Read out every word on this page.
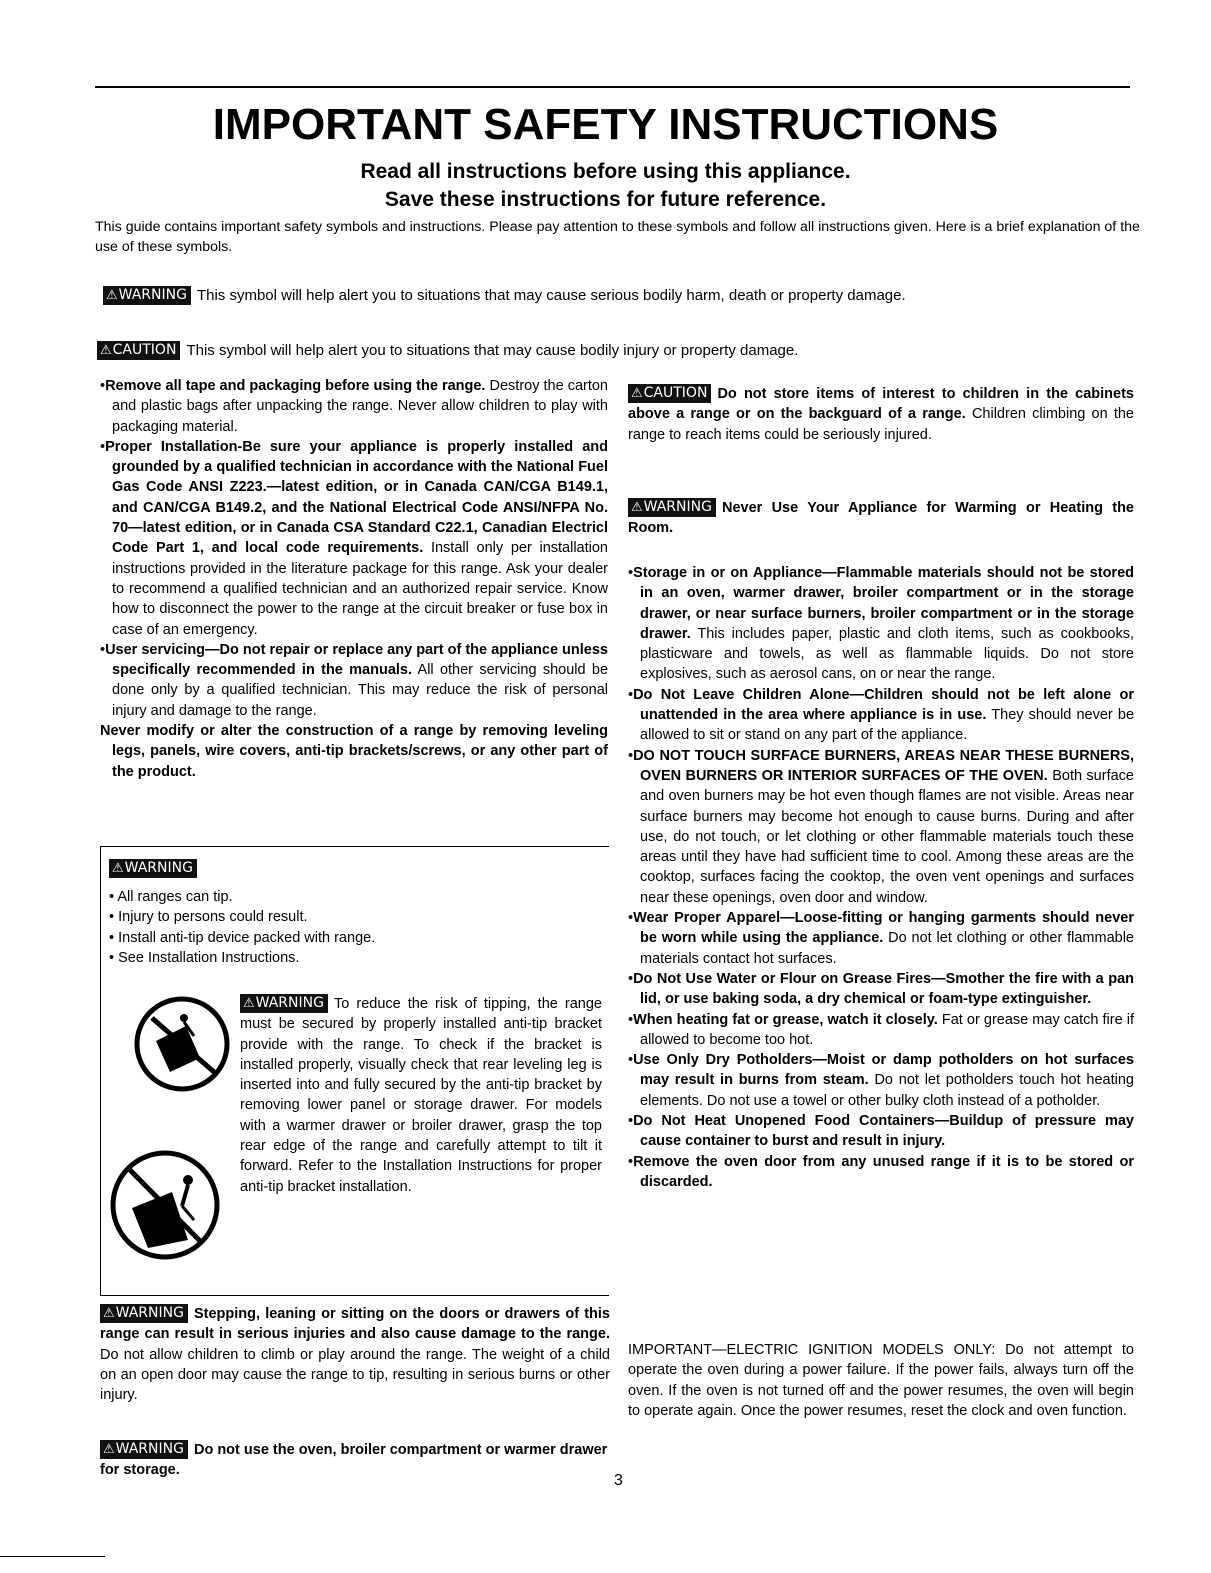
IMPORTANT SAFETY INSTRUCTIONS
Read all instructions before using this appliance.
Save these instructions for future reference.
This guide contains important safety symbols and instructions. Please pay attention to these symbols and follow all instructions given. Here is a brief explanation of the use of these symbols.
⚠WARNING This symbol will help alert you to situations that may cause serious bodily harm, death or property damage.
⚠CAUTION This symbol will help alert you to situations that may cause bodily injury or property damage.

•Remove all tape and packaging before using the range. Destroy the carton and plastic bags after unpacking the range. Never allow children to play with packaging material.

•Proper Installation-Be sure your appliance is properly installed and grounded by a qualified technician in accordance with the National Fuel Gas Code ANSI Z223.—latest edition, or in Canada CAN/CGA B149.1, and CAN/CGA B149.2, and the National Electrical Code ANSI/NFPA No. 70—latest edition, or in Canada CSA Standard C22.1, Canadian Electricl Code Part 1, and local code requirements. Install only per installation instructions provided in the literature package for this range. Ask your dealer to recommend a qualified technician and an authorized repair service. Know how to disconnect the power to the range at the circuit breaker or fuse box in case of an emergency.

•User servicing—Do not repair or replace any part of the appliance unless specifically recommended in the manuals. All other servicing should be done only by a qualified technician. This may reduce the risk of personal injury and damage to the range.

Never modify or alter the construction of a range by removing leveling legs, panels, wire covers, anti-tip brackets/screws, or any other part of the product.

⚠WARNING
• All ranges can tip.
• Injury to persons could result.
• Install anti-tip device packed with range.
• See Installation Instructions.
⚠WARNING To reduce the risk of tipping, the range must be secured by properly installed anti-tip bracket provide with the range. To check if the bracket is installed properly, visually check that rear leveling leg is inserted into and fully secured by the anti-tip bracket by removing lower panel or storage drawer. For models with a warmer drawer or broiler drawer, grasp the top rear edge of the range and carefully attempt to tilt it forward. Refer to the Installation Instructions for proper anti-tip bracket installation.
⚠WARNING Stepping, leaning or sitting on the doors or drawers of this range can result in serious injuries and also cause damage to the range. Do not allow children to climb or play around the range. The weight of a child on an open door may cause the range to tip, resulting in serious burns or other injury.
⚠WARNING Do not use the oven, broiler compartment or warmer drawer for storage.
⚠CAUTION Do not store items of interest to children in the cabinets above a range or on the backguard of a range. Children climbing on the range to reach items could be seriously injured.
⚠WARNING Never Use Your Appliance for Warming or Heating the Room.

•Storage in or on Appliance—Flammable materials should not be stored in an oven, warmer drawer, broiler compartment or in the storage drawer, or near surface burners, broiler compartment or in the storage drawer. This includes paper, plastic and cloth items, such as cookbooks, plasticware and towels, as well as flammable liquids. Do not store explosives, such as aerosol cans, on or near the range.

•Do Not Leave Children Alone—Children should not be left alone or unattended in the area where appliance is in use. They should never be allowed to sit or stand on any part of the appliance.

•DO NOT TOUCH SURFACE BURNERS, AREAS NEAR THESE BURNERS, OVEN BURNERS OR INTERIOR SURFACES OF THE OVEN. Both surface and oven burners may be hot even though flames are not visible. Areas near surface burners may become hot enough to cause burns. During and after use, do not touch, or let clothing or other flammable materials touch these areas until they have had sufficient time to cool. Among these areas are the cooktop, surfaces facing the cooktop, the oven vent openings and surfaces near these openings, oven door and window.

•Wear Proper Apparel—Loose-fitting or hanging garments should never be worn while using the appliance. Do not let clothing or other flammable materials contact hot surfaces.

•Do Not Use Water or Flour on Grease Fires—Smother the fire with a pan lid, or use baking soda, a dry chemical or foam-type extinguisher.

•When heating fat or grease, watch it closely. Fat or grease may catch fire if allowed to become too hot.

•Use Only Dry Potholders—Moist or damp potholders on hot surfaces may result in burns from steam. Do not let potholders touch hot heating elements. Do not use a towel or other bulky cloth instead of a potholder.

•Do Not Heat Unopened Food Containers—Buildup of pressure may cause container to burst and result in injury.

•Remove the oven door from any unused range if it is to be stored or discarded.

IMPORTANT—ELECTRIC IGNITION MODELS ONLY: Do not attempt to operate the oven during a power failure. If the power fails, always turn off the oven. If the oven is not turned off and the power resumes, the oven will begin to operate again. Once the power resumes, reset the clock and oven function.
3
